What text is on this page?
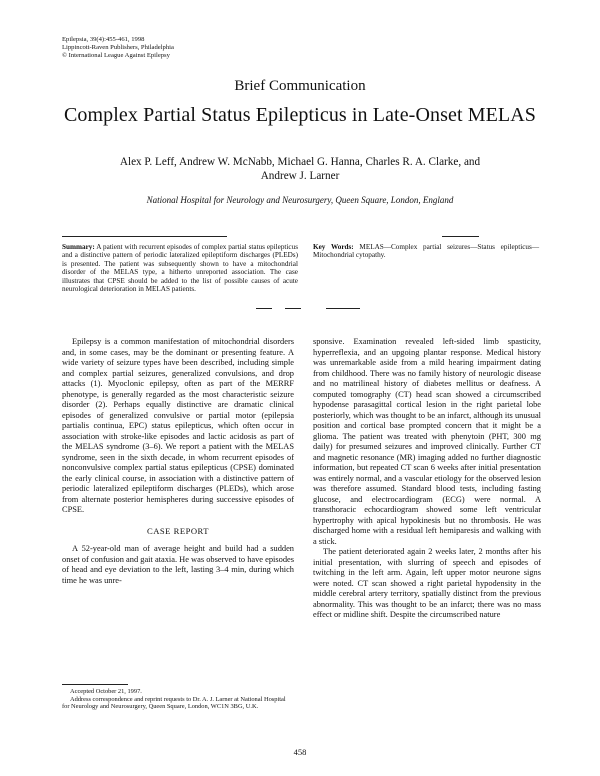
Epilepsia, 39(4):455-461, 1998
Lippincott-Raven Publishers, Philadelphia
© International League Against Epilepsy
Brief Communication
Complex Partial Status Epilepticus in Late-Onset MELAS
Alex P. Leff, Andrew W. McNabb, Michael G. Hanna, Charles R. A. Clarke, and
Andrew J. Larner
National Hospital for Neurology and Neurosurgery, Queen Square, London, England
Summary: A patient with recurrent episodes of complex partial status epilepticus and a distinctive pattern of periodic lateralized epileptiform discharges (PLEDs) is presented. The patient was subsequently shown to have a mitochondrial disorder of the MELAS type, a hitherto unreported association. The case illustrates that CPSE should be added to the list of possible causes of acute neurological deterioration in MELAS patients.
Key Words: MELAS—Complex partial seizures—Status epilepticus—Mitochondrial cytopathy.

Epilepsy is a common manifestation of mitochondrial disorders and, in some cases, may be the dominant or presenting feature. A wide variety of seizure types have been described, including simple and complex partial seizures, generalized convulsions, and drop attacks (1). Myoclonic epilepsy, often as part of the MERRF phenotype, is generally regarded as the most characteristic seizure disorder (2). Perhaps equally distinctive are dramatic clinical episodes of generalized convulsive or partial motor (epilepsia partialis continua, EPC) status epilepticus, which often occur in association with stroke-like episodes and lactic acidosis as part of the MELAS syndrome (3–6). We report a patient with the MELAS syndrome, seen in the sixth decade, in whom recurrent episodes of nonconvulsive complex partial status epilepticus (CPSE) dominated the early clinical course, in association with a distinctive pattern of periodic lateralized epileptiform discharges (PLEDs), which arose from alternate posterior hemispheres during successive episodes of CPSE.

CASE REPORT

A 52-year-old man of average height and build had a sudden onset of confusion and gait ataxia. He was observed to have episodes of head and eye deviation to the left, lasting 3–4 min, during which time he was unre-

sponsive. Examination revealed left-sided limb spasticity, hyperreflexia, and an upgoing plantar response. Medical history was unremarkable aside from a mild hearing impairment dating from childhood. There was no family history of neurologic disease and no matrilineal history of diabetes mellitus or deafness. A computed tomography (CT) head scan showed a circumscribed hypodense parasagittal cortical lesion in the right parietal lobe posteriorly, which was thought to be an infarct, although its unusual position and cortical base prompted concern that it might be a glioma. The patient was treated with phenytoin (PHT, 300 mg daily) for presumed seizures and improved clinically. Further CT and magnetic resonance (MR) imaging added no further diagnostic information, but repeated CT scan 6 weeks after initial presentation was entirely normal, and a vascular etiology for the observed lesion was therefore assumed. Standard blood tests, including fasting glucose, and electrocardiogram (ECG) were normal. A transthoracic echocardiogram showed some left ventricular hypertrophy with apical hypokinesis but no thrombosis. He was discharged home with a residual left hemiparesis and walking with a stick.

The patient deteriorated again 2 weeks later, 2 months after his initial presentation, with slurring of speech and episodes of twitching in the left arm. Again, left upper motor neurone signs were noted. CT scan showed a right parietal hypodensity in the middle cerebral artery territory, spatially distinct from the previous abnormality. This was thought to be an infarct; there was no mass effect or midline shift. Despite the circumscribed nature

Accepted October 21, 1997.

Address correspondence and reprint requests to Dr. A. J. Larner at National Hospital for Neurology and Neurosurgery, Queen Square, London, WC1N 3BG, U.K.

458
